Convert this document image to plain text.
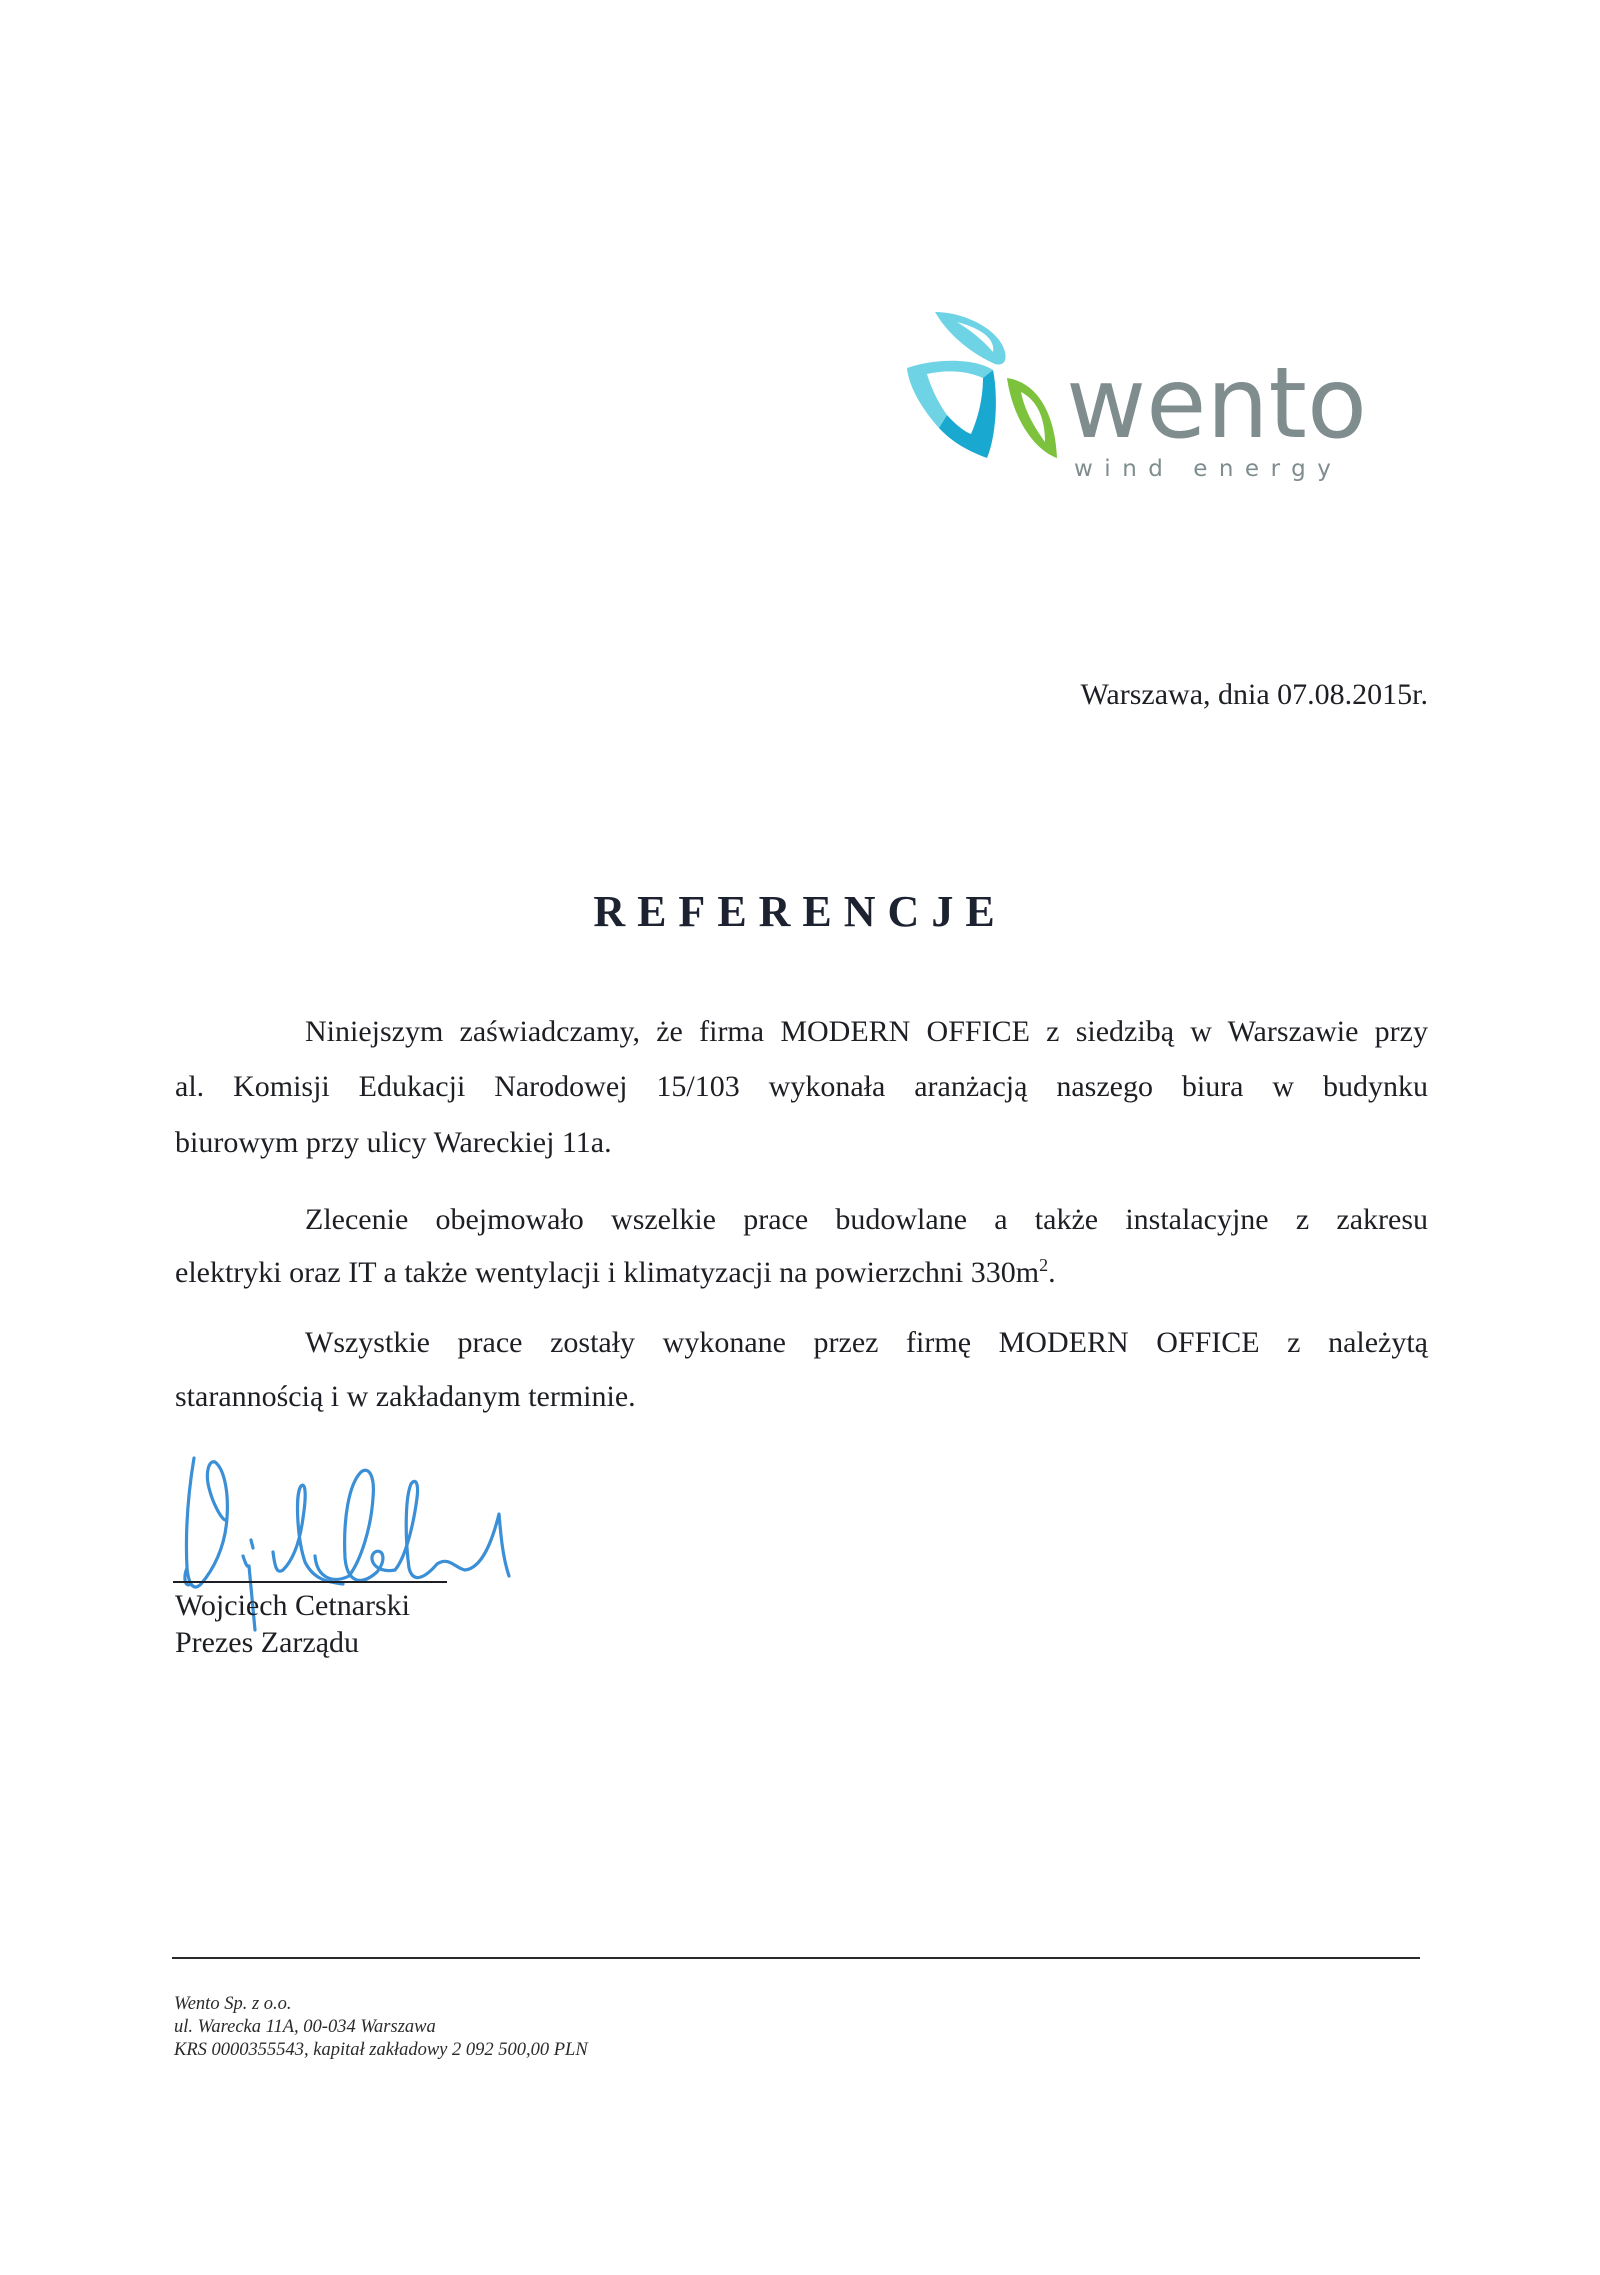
wento
wind energy
Warszawa, dnia 07.08.2015r.
REFERENCJE
Niniejszym zaświadczamy, że firma MODERN OFFICE z siedzibą w Warszawie przy
al. Komisji Edukacji Narodowej 15/103 wykonała aranżacją naszego biura w budynku
biurowym przy ulicy Wareckiej 11a.
Zlecenie obejmowało wszelkie prace budowlane a także instalacyjne z zakresu
elektryki oraz IT a także wentylacji i klimatyzacji na powierzchni $330m^2$.
Wszystkie prace zostały wykonane przez firmę MODERN OFFICE z należytą
starannością i w zakładanym terminie.
Wojciech Cetnarski
Prezes Zarządu
Wento Sp. z o.o.
ul. Warecka 11A, 00-034 Warszawa
KRS 0000355543, kapitał zakładowy 2 092 500,00 PLN
